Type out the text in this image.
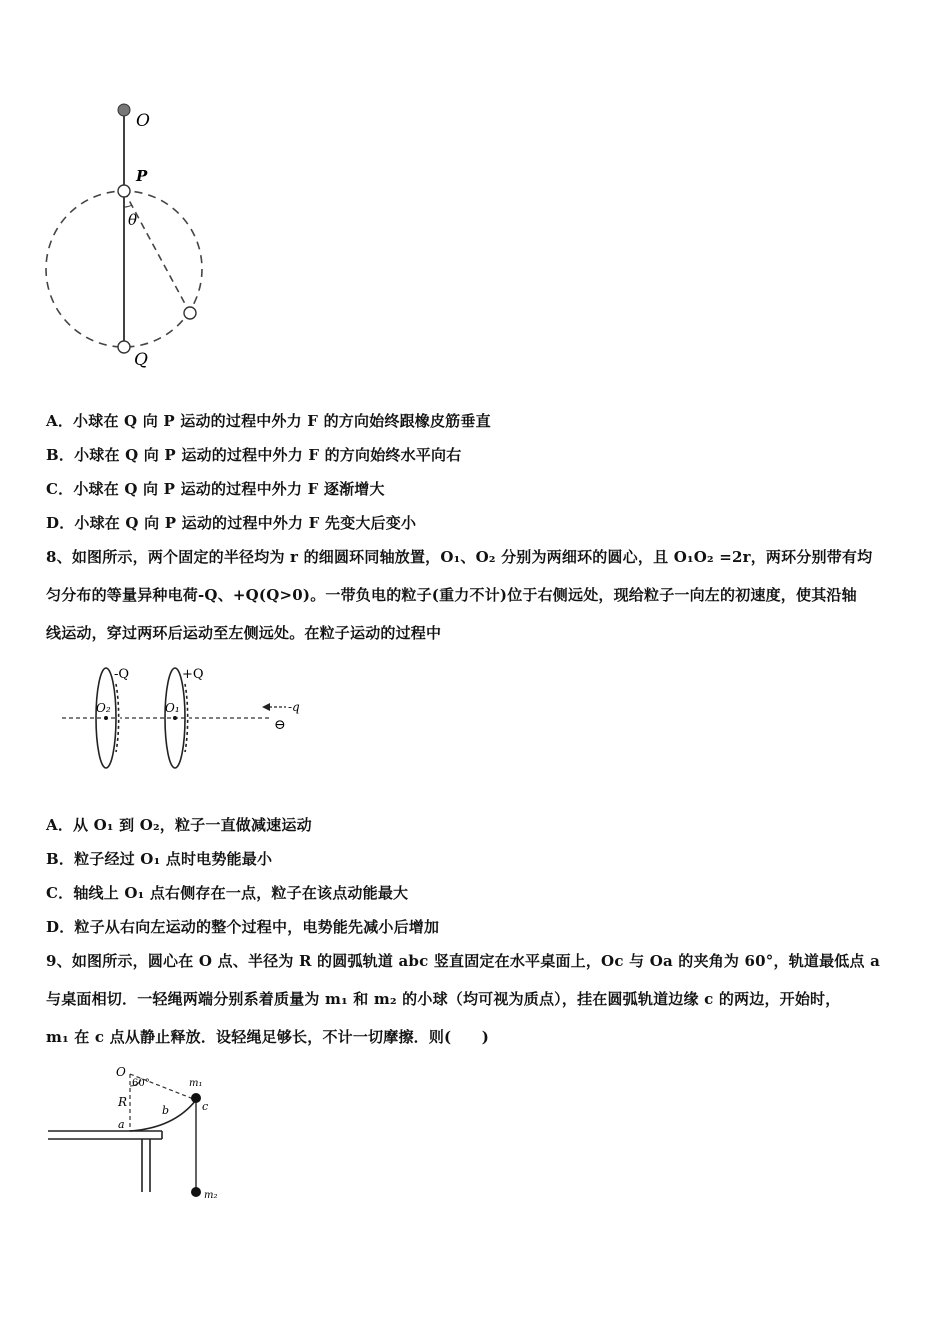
O
P
θ
Q
A．小球在 Q 向 P 运动的过程中外力 F 的方向始终跟橡皮筋垂直
B．小球在 Q 向 P 运动的过程中外力 F 的方向始终水平向右
C．小球在 Q 向 P 运动的过程中外力 F 逐渐增大
D．小球在 Q 向 P 运动的过程中外力 F 先变大后变小
8、如图所示，两个固定的半径均为 r 的细圆环同轴放置，O₁、O₂ 分别为两细环的圆心，且 O₁O₂ =2r，两环分别带有均
匀分布的等量异种电荷-Q、+Q(Q>0)。一带负电的粒子(重力不计)位于右侧远处，现给粒子一向左的初速度，使其沿轴
线运动，穿过两环后运动至左侧远处。在粒子运动的过程中
-Q	+Q
O₂	O₁	-q
⊖
A．从 O₁ 到 O₂，粒子一直做减速运动
B．粒子经过 O₁ 点时电势能最小
C．轴线上 O₁ 点右侧存在一点，粒子在该点动能最大
D．粒子从右向左运动的整个过程中，电势能先减小后增加
9、如图所示，圆心在 O 点、半径为 R 的圆弧轨道 abc 竖直固定在水平桌面上，Oc 与 Oa 的夹角为 60°，轨道最低点 a
与桌面相切．一轻绳两端分别系着质量为 m₁ 和 m₂ 的小球（均可视为质点），挂在圆弧轨道边缘 c 的两边，开始时，
m₁ 在 c 点从静止释放．设轻绳足够长，不计一切摩擦．则(　　)
O
60°
R
a
b	c
m₁
m₂
